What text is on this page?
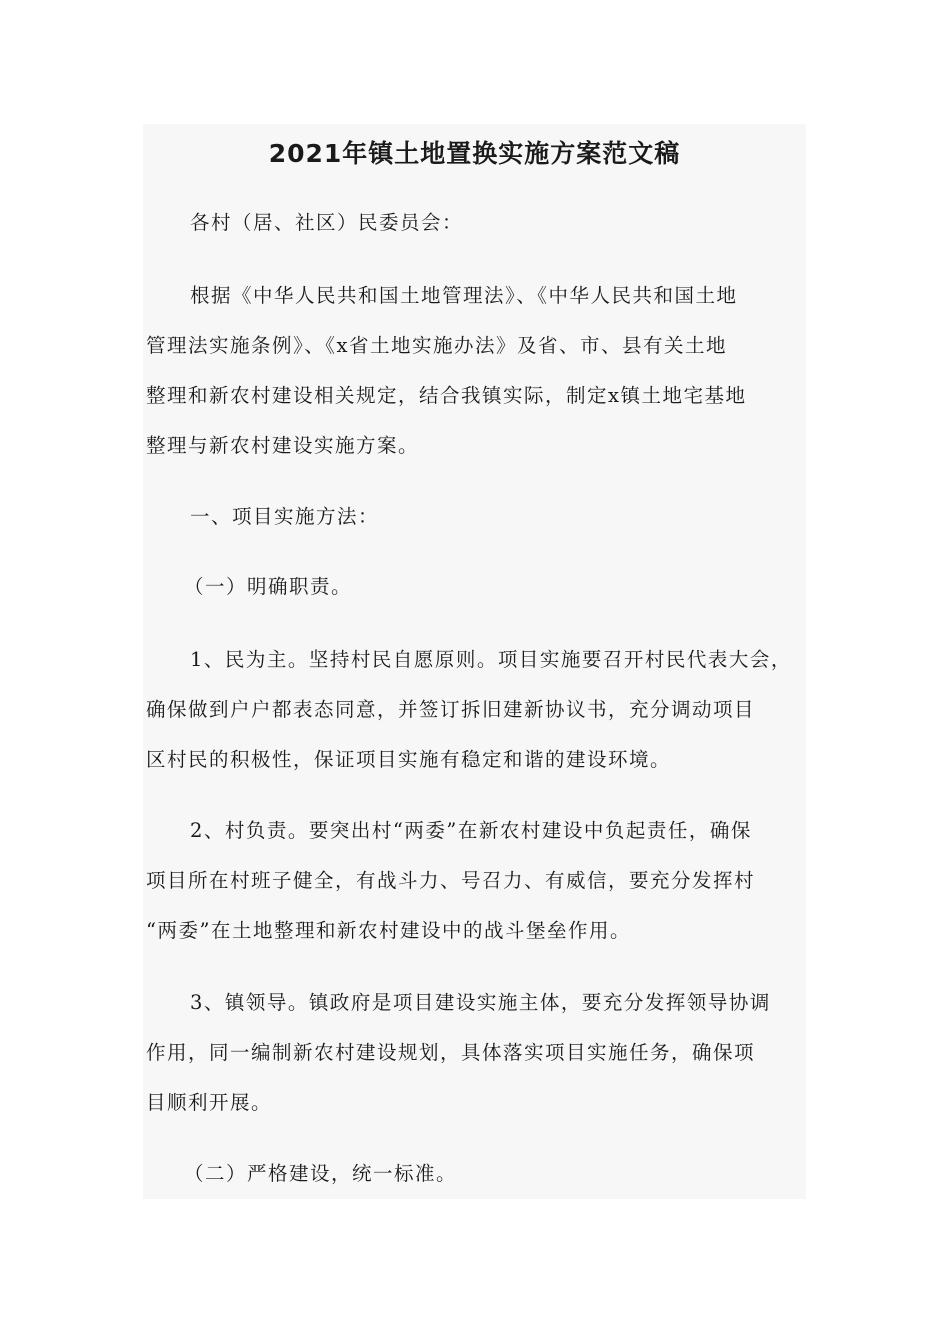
2021年镇土地置换实施方案范文稿

各村（居、社区）民委员会：

根据《中华人民共和国土地管理法》、《中华人民共和国土地
管理法实施条例》、《x省土地实施办法》及省、市、县有关土地
整理和新农村建设相关规定，结合我镇实际，制定x镇土地宅基地
整理与新农村建设实施方案。

一、项目实施方法：

（一）明确职责。

1、民为主。坚持村民自愿原则。项目实施要召开村民代表大会，
确保做到户户都表态同意，并签订拆旧建新协议书，充分调动项目
区村民的积极性，保证项目实施有稳定和谐的建设环境。

2、村负责。要突出村“两委”在新农村建设中负起责任，确保
项目所在村班子健全，有战斗力、号召力、有威信，要充分发挥村
“两委”在土地整理和新农村建设中的战斗堡垒作用。

3、镇领导。镇政府是项目建设实施主体，要充分发挥领导协调
作用，同一编制新农村建设规划，具体落实项目实施任务，确保项
目顺利开展。

（二）严格建设，统一标准。
